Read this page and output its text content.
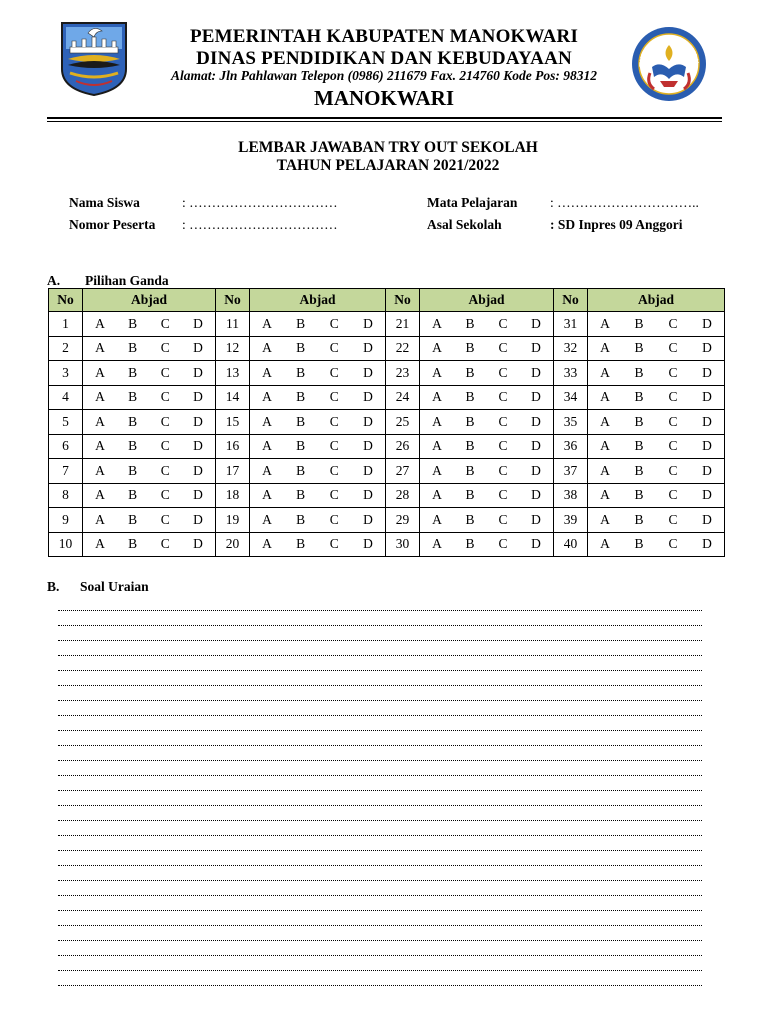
PEMERINTAH KABUPATEN MANOKWARI
DINAS PENDIDIKAN DAN KEBUDAYAAN
Alamat: Jln Pahlawan Telepon (0986) 211679 Fax. 214760 Kode Pos: 98312
MANOKWARI
TUT WURI HANDAYAN
LEMBAR JAWABAN TRY OUT SEKOLAH
TAHUN PELAJARAN 2021/2022
Nama Siswa	: ……………………………
Nomor Peserta : ……………………………
Mata Pelajaran : …………………………..
Asal Sekolah	: SD Inpres 09 Anggori
A. Pilihan Ganda
No	Abjad	No	Abjad	No	Abjad	No	Abjad
1	A B C D	11	A B C D	21	A B C D	31	A B C D

2	A B C D	12	A B C D	22	A B C D	32	A B C D

3	A B C D	13	A B C D	23	A B C D	33	A B C D

4	A B C D	14	A B C D	24	A B C D	34	A B C D

5	A B C D	15	A B C D	25	A B C D	35	A B C D

6	A B C D	16	A B C D	26	A B C D	36	A B C D

7	A B C D	17	A B C D	27	A B C D	37	A B C D

8	A B C D	18	A B C D	28	A B C D	38	A B C D

9	A B C D	19	A B C D	29	A B C D	39	A B C D

10	A B C D	20	A B C D	30	A B C D	40	A B C D
B. Soal Uraian
